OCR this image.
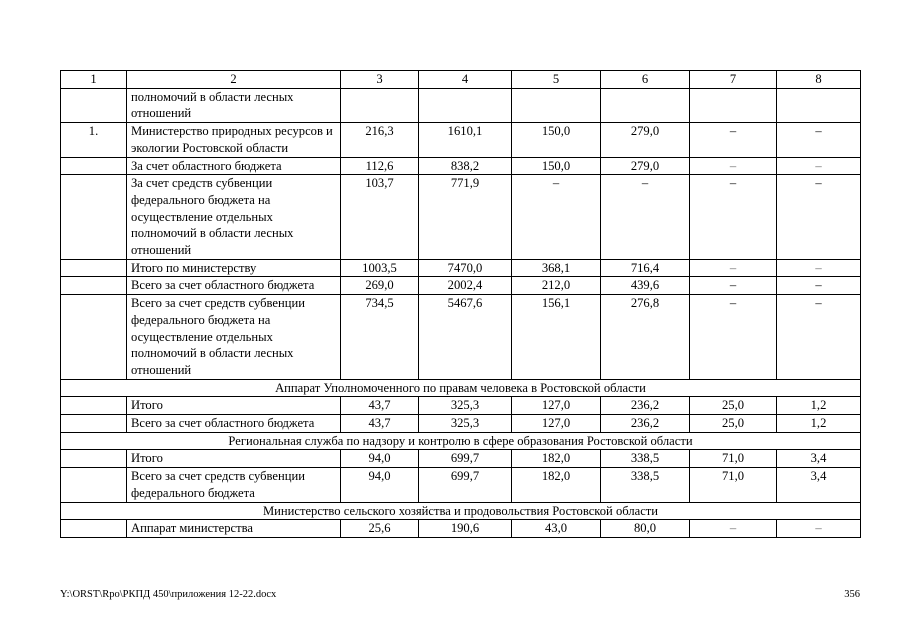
1	2	3	4	5	6	7	8
	полномочий в области лесных отношений						
1.	Министерство природных ресурсов и экологии Ростовской области	216,3	1610,1	150,0	279,0	–	–
	За счет областного бюджета	112,6	838,2	150,0	279,0	–	–
	За счет средств субвенции федерального бюджета на осуществление отдельных полномочий в области лесных отношений	103,7	771,9	–	–	–	–
	Итого по министерству	1003,5	7470,0	368,1	716,4	–	–
	Всего за счет областного бюджета	269,0	2002,4	212,0	439,6	–	–
	Всего за счет средств субвенции федерального бюджета на осуществление отдельных полномочий в области лесных отношений	734,5	5467,6	156,1	276,8	–	–
Аппарат Уполномоченного по правам человека в Ростовской области							
	Итого	43,7	325,3	127,0	236,2	25,0	1,2
	Всего за счет областного бюджета	43,7	325,3	127,0	236,2	25,0	1,2
Региональная служба по надзору и контролю в сфере образования Ростовской области							
	Итого	94,0	699,7	182,0	338,5	71,0	3,4
	Всего за счет средств субвенции федерального бюджета	94,0	699,7	182,0	338,5	71,0	3,4
Министерство сельского хозяйства и продовольствия Ростовской области							
	Аппарат министерства	25,6	190,6	43,0	80,0	–	–
Y:\ORST\Rpo\РКПД 450\приложения 12-22.docx	356
